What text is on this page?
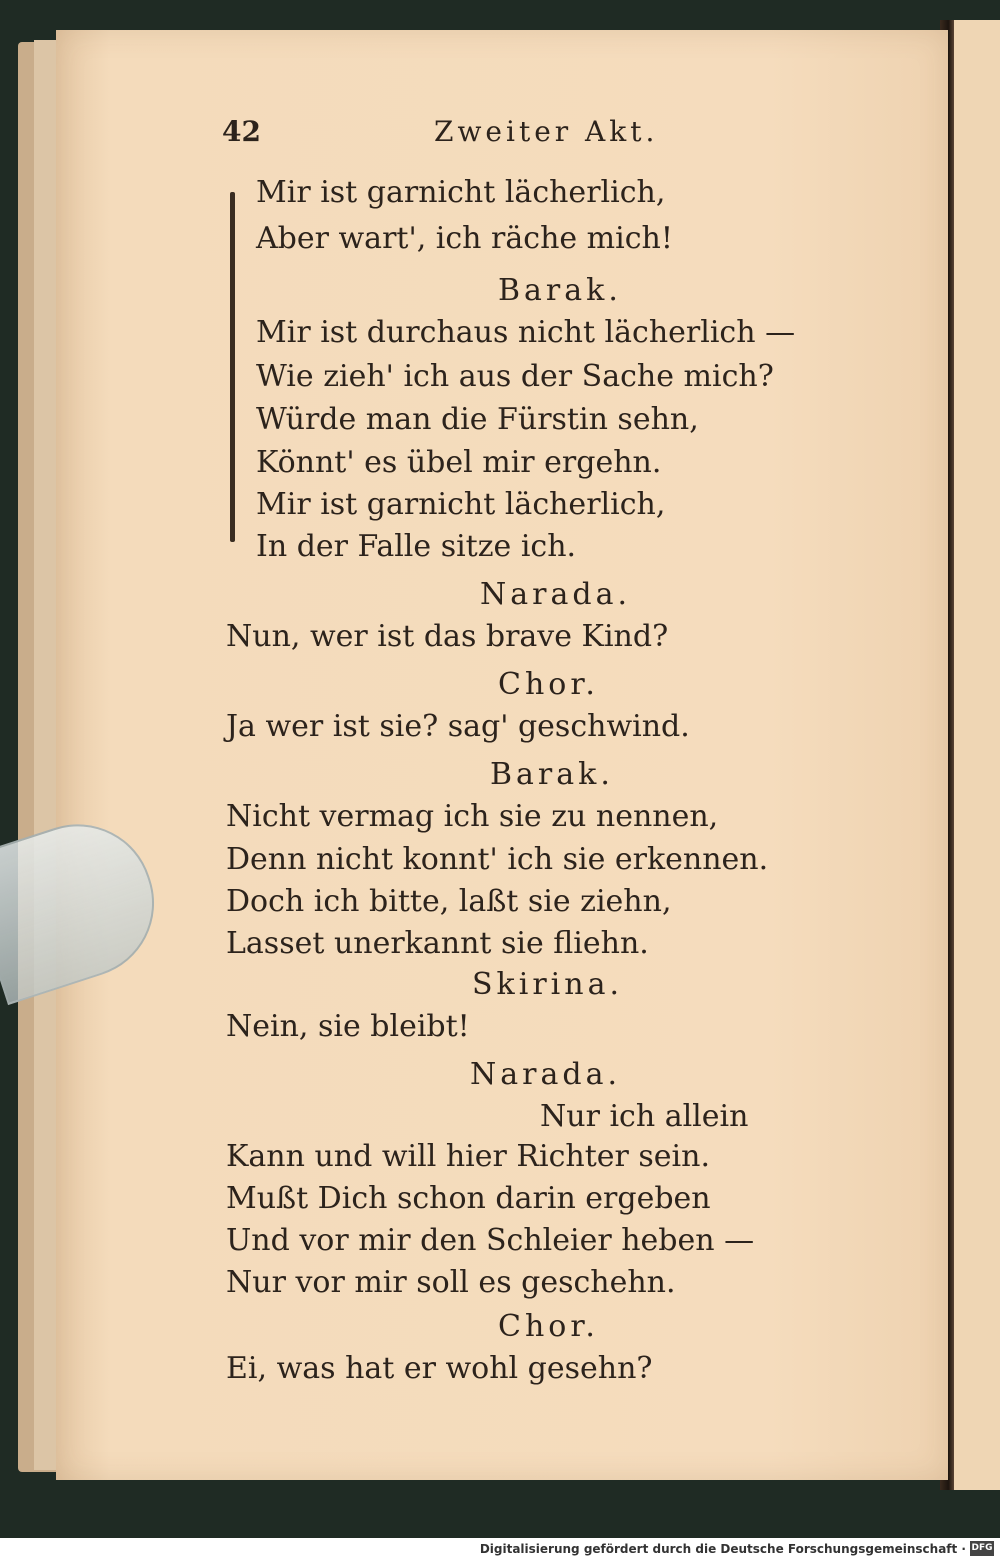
42	Zweiter Akt.
Mir ist garnicht lächerlich,
Aber wart', ich räche mich!
Barak.
Mir ist durchaus nicht lächerlich —
Wie zieh' ich aus der Sache mich?
Würde man die Fürstin sehn,
Könnt' es übel mir ergehn.
Mir ist garnicht lächerlich,
In der Falle sitze ich.
Narada.
Nun, wer ist das brave Kind?
Chor.
Ja wer ist sie? sag' geschwind.
Barak.
Nicht vermag ich sie zu nennen,
Denn nicht konnt' ich sie erkennen.
Doch ich bitte, laßt sie ziehn,
Lasset unerkannt sie fliehn.
Skirina.
Nein, sie bleibt!
Narada.
Nur ich allein
Kann und will hier Richter sein.
Mußt Dich schon darin ergeben
Und vor mir den Schleier heben —
Nur vor mir soll es geschehn.
Chor.
Ei, was hat er wohl gesehn?
Digitalisierung gefördert durch die Deutsche Forschungsgemeinschaft · DFG
